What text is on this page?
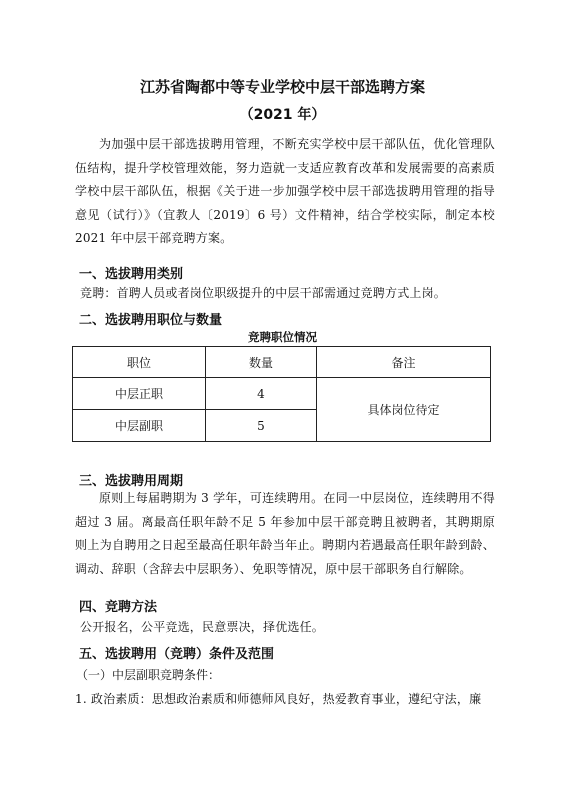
江苏省陶都中等专业学校中层干部选聘方案
（2021 年）
为加强中层干部选拔聘用管理，不断充实学校中层干部队伍，优化管理队伍结构，提升学校管理效能，努力造就一支适应教育改革和发展需要的高素质学校中层干部队伍，根据《关于进一步加强学校中层干部选拔聘用管理的指导意见（试行）》（宜教人〔2019〕6 号）文件精神，结合学校实际，制定本校 2021 年中层干部竞聘方案。
一、选拔聘用类别
竞聘：首聘人员或者岗位职级提升的中层干部需通过竞聘方式上岗。
二、选拔聘用职位与数量
竞聘职位情况
职位	数量	备注
中层正职	4	具体岗位待定
中层副职	5	
三、选拔聘用周期
原则上每届聘期为 3 学年，可连续聘用。在同一中层岗位，连续聘用不得超过 3 届。离最高任职年龄不足 5 年参加中层干部竞聘且被聘者，其聘期原则上为自聘用之日起至最高任职年龄当年止。聘期内若遇最高任职年龄到龄、调动、辞职（含辞去中层职务）、免职等情况，原中层干部职务自行解除。
四、竞聘方法
公开报名，公平竞选，民意票决，择优选任。
五、选拔聘用（竞聘）条件及范围
（一）中层副职竞聘条件：
1. 政治素质：思想政治素质和师德师风良好，热爱教育事业，遵纪守法，廉
